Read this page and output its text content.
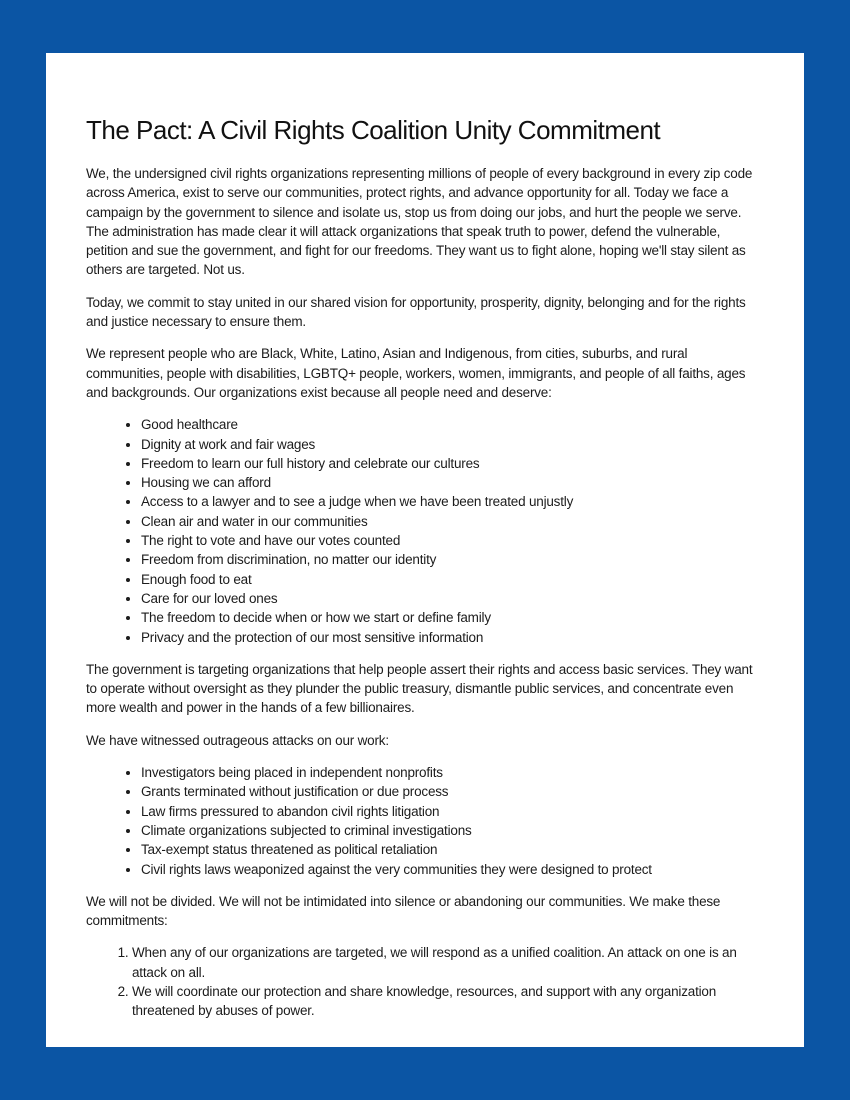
The Pact: A Civil Rights Coalition Unity Commitment

We, the undersigned civil rights organizations representing millions of people of every background in every zip code across America, exist to serve our communities, protect rights, and advance opportunity for all. Today we face a campaign by the government to silence and isolate us, stop us from doing our jobs, and hurt the people we serve. The administration has made clear it will attack organizations that speak truth to power, defend the vulnerable, petition and sue the government, and fight for our freedoms. They want us to fight alone, hoping we'll stay silent as others are targeted. Not us.

Today, we commit to stay united in our shared vision for opportunity, prosperity, dignity, belonging and for the rights and justice necessary to ensure them.

We represent people who are Black, White, Latino, Asian and Indigenous, from cities, suburbs, and rural communities, people with disabilities, LGBTQ+ people, workers, women, immigrants, and people of all faiths, ages and backgrounds. Our organizations exist because all people need and deserve:

• Good healthcare
• Dignity at work and fair wages
• Freedom to learn our full history and celebrate our cultures
• Housing we can afford
• Access to a lawyer and to see a judge when we have been treated unjustly
• Clean air and water in our communities
• The right to vote and have our votes counted
• Freedom from discrimination, no matter our identity
• Enough food to eat
• Care for our loved ones
• The freedom to decide when or how we start or define family
• Privacy and the protection of our most sensitive information

The government is targeting organizations that help people assert their rights and access basic services. They want to operate without oversight as they plunder the public treasury, dismantle public services, and concentrate even more wealth and power in the hands of a few billionaires.

We have witnessed outrageous attacks on our work:

• Investigators being placed in independent nonprofits
• Grants terminated without justification or due process
• Law firms pressured to abandon civil rights litigation
• Climate organizations subjected to criminal investigations
• Tax-exempt status threatened as political retaliation
• Civil rights laws weaponized against the very communities they were designed to protect

We will not be divided. We will not be intimidated into silence or abandoning our communities. We make these commitments:

1. When any of our organizations are targeted, we will respond as a unified coalition. An attack on one is an attack on all.
2. We will coordinate our protection and share knowledge, resources, and support with any organization threatened by abuses of power.
